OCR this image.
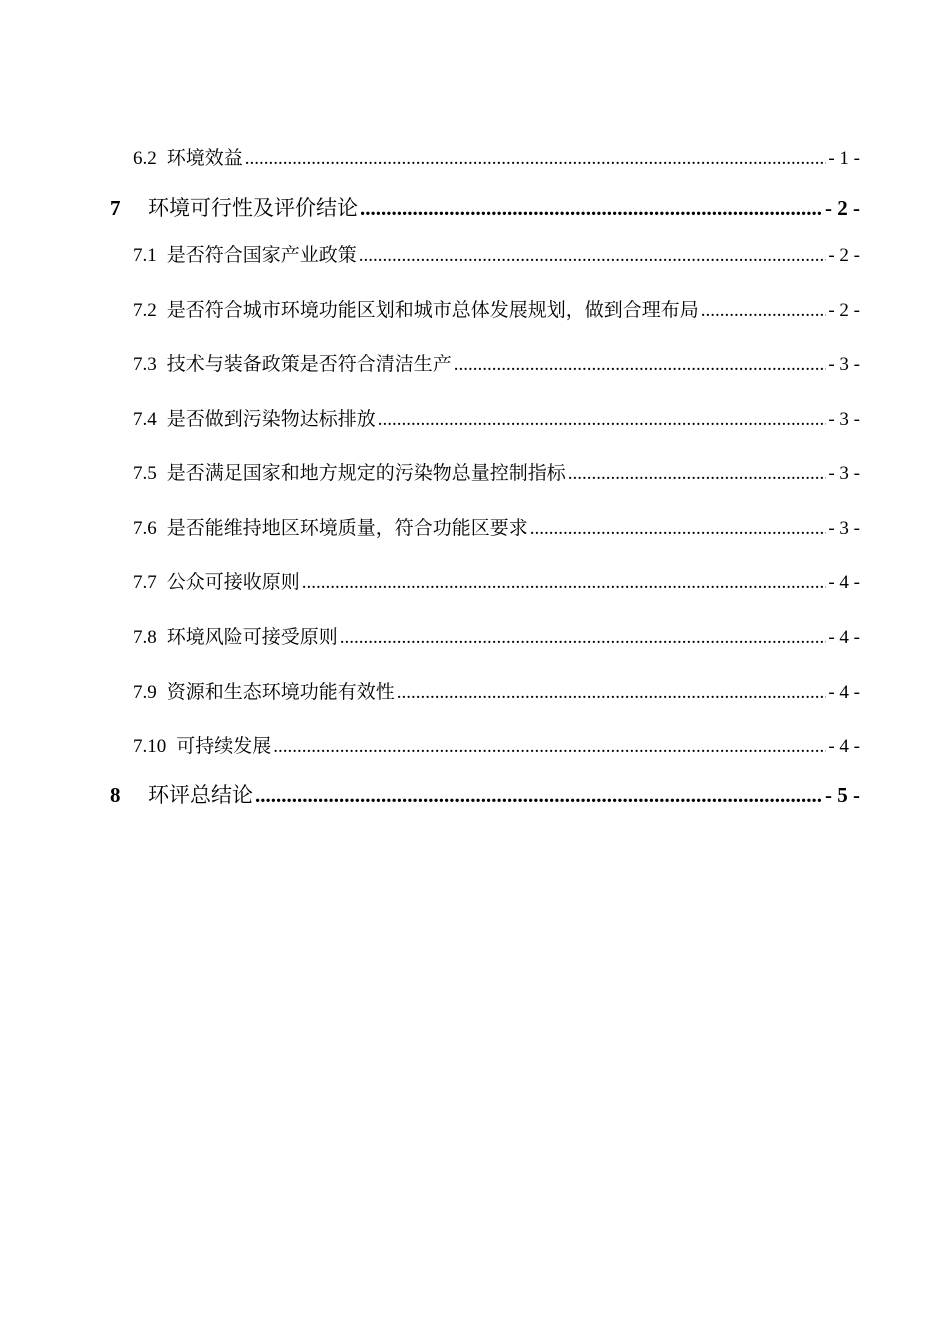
6.2 环境效益 .....	- 1 -
7	环境可行性及评价结论 .....	- 2 -
7.1 是否符合国家产业政策 .....	- 2 -
7.2 是否符合城市环境功能区划和城市总体发展规划，做到合理布局 .....	- 2 -
7.3 技术与装备政策是否符合清洁生产 .....	- 3 -
7.4 是否做到污染物达标排放 .....	- 3 -
7.5 是否满足国家和地方规定的污染物总量控制指标 .....	- 3 -
7.6 是否能维持地区环境质量，符合功能区要求 .....	- 3 -
7.7 公众可接收原则 .....	- 4 -
7.8 环境风险可接受原则 .....	- 4 -
7.9 资源和生态环境功能有效性 .....	- 4 -
7.10 可持续发展 .....	- 4 -
8	环评总结论 .....	- 5 -
